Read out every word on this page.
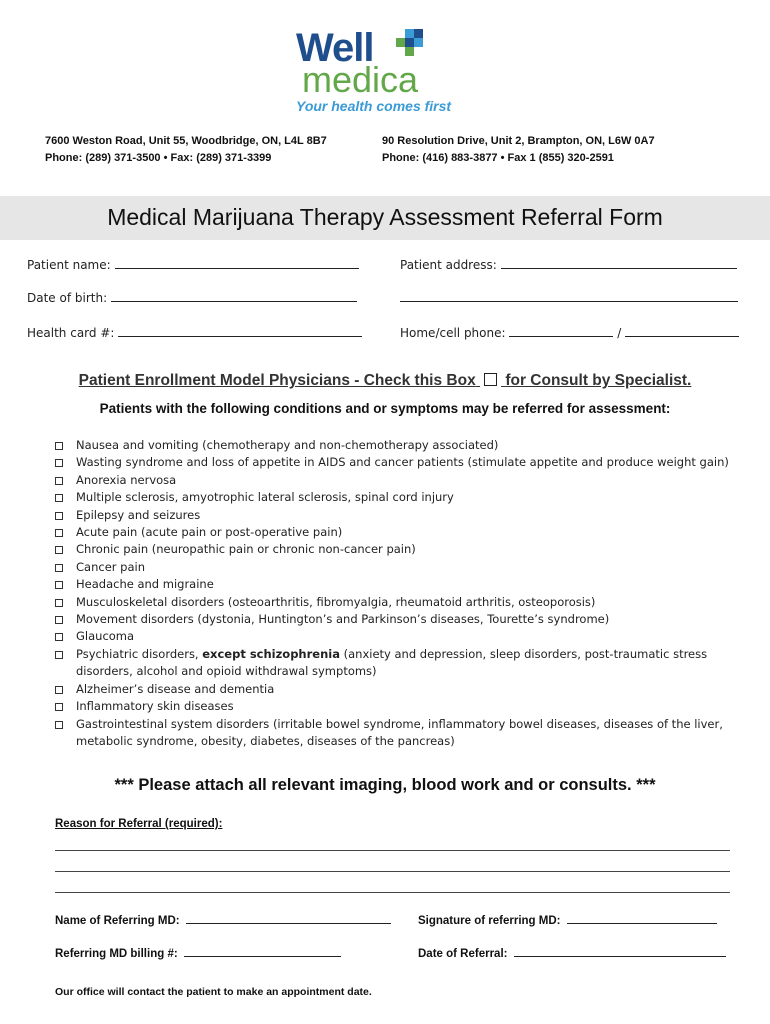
Well
medica
Your health comes first
7600 Weston Road, Unit 55, Woodbridge, ON, L4L 8B7
Phone: (289) 371-3500 • Fax: (289) 371-3399
90 Resolution Drive, Unit 2, Brampton, ON, L6W 0A7
Phone: (416) 883-3877 • Fax 1 (855) 320-2591
Medical Marijuana Therapy Assessment Referral Form
Patient name:	Patient address:
Date of birth:
Health card #:	Home/cell phone:	/
Patient Enrollment Model Physicians - Check this Box for Consult by Specialist.
Patients with the following conditions and or symptoms may be referred for assessment:
Nausea and vomiting (chemotherapy and non-chemotherapy associated)
Wasting syndrome and loss of appetite in AIDS and cancer patients (stimulate appetite and produce weight gain)
Anorexia nervosa
Multiple sclerosis, amyotrophic lateral sclerosis, spinal cord injury
Epilepsy and seizures
Acute pain (acute pain or post-operative pain)
Chronic pain (neuropathic pain or chronic non-cancer pain)
Cancer pain
Headache and migraine
Musculoskeletal disorders (osteoarthritis, fibromyalgia, rheumatoid arthritis, osteoporosis)
Movement disorders (dystonia, Huntington’s and Parkinson’s diseases, Tourette’s syndrome)
Glaucoma
Psychiatric disorders, except schizophrenia (anxiety and depression, sleep disorders, post-traumatic stress disorders, alcohol and opioid withdrawal symptoms)
Alzheimer’s disease and dementia
Inflammatory skin diseases
Gastrointestinal system disorders (irritable bowel syndrome, inflammatory bowel diseases, diseases of the liver, metabolic syndrome, obesity, diabetes, diseases of the pancreas)
*** Please attach all relevant imaging, blood work and or consults. ***
Reason for Referral (required):
Name of Referring MD:	Signature of referring MD:
Referring MD billing #:	Date of Referral:
Our office will contact the patient to make an appointment date.
